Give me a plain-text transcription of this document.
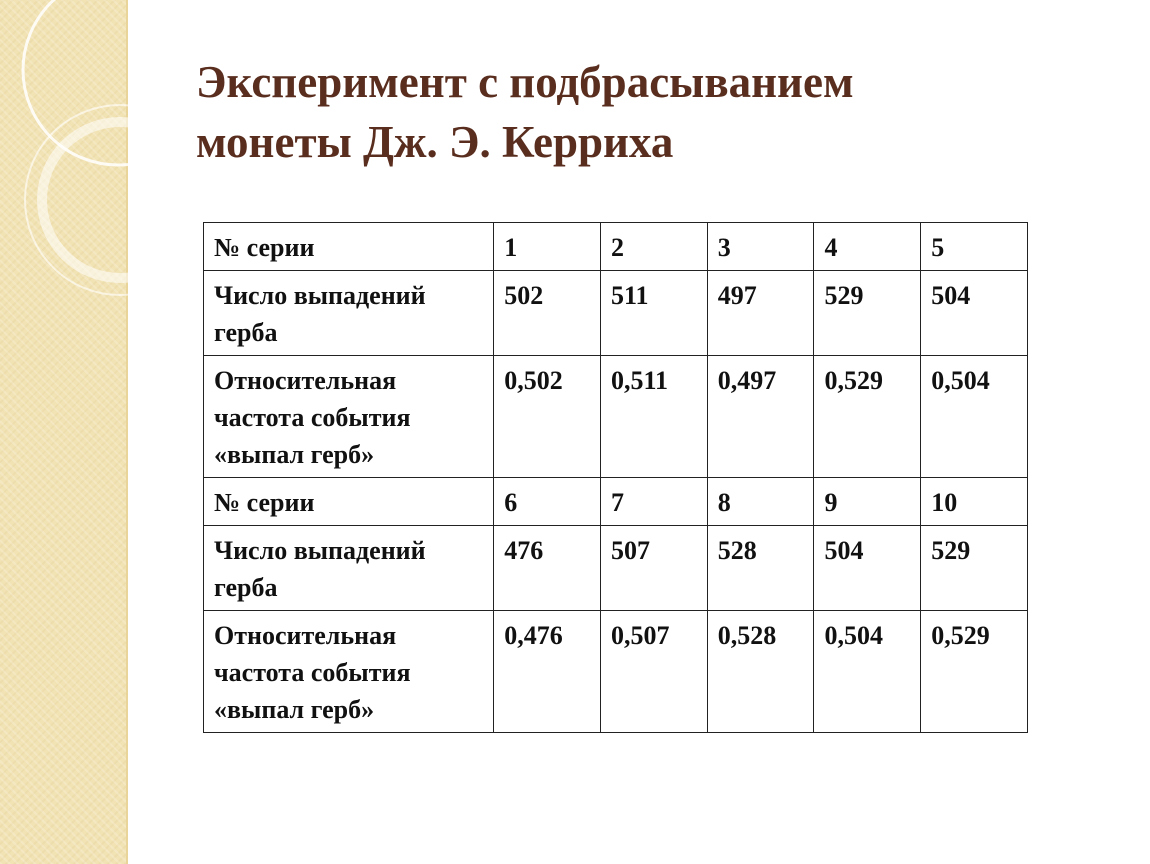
Эксперимент с подбрасыванием
монеты Дж. Э. Керриха
№ серии	1	2	3	4	5
Число выпадений герба	502	511	497	529	504
Относительная частота события «выпал герб»	0,502	0,511	0,497	0,529	0,504
№ серии	6	7	8	9	10
Число выпадений герба	476	507	528	504	529
Относительная частота события «выпал герб»	0,476	0,507	0,528	0,504	0,529
